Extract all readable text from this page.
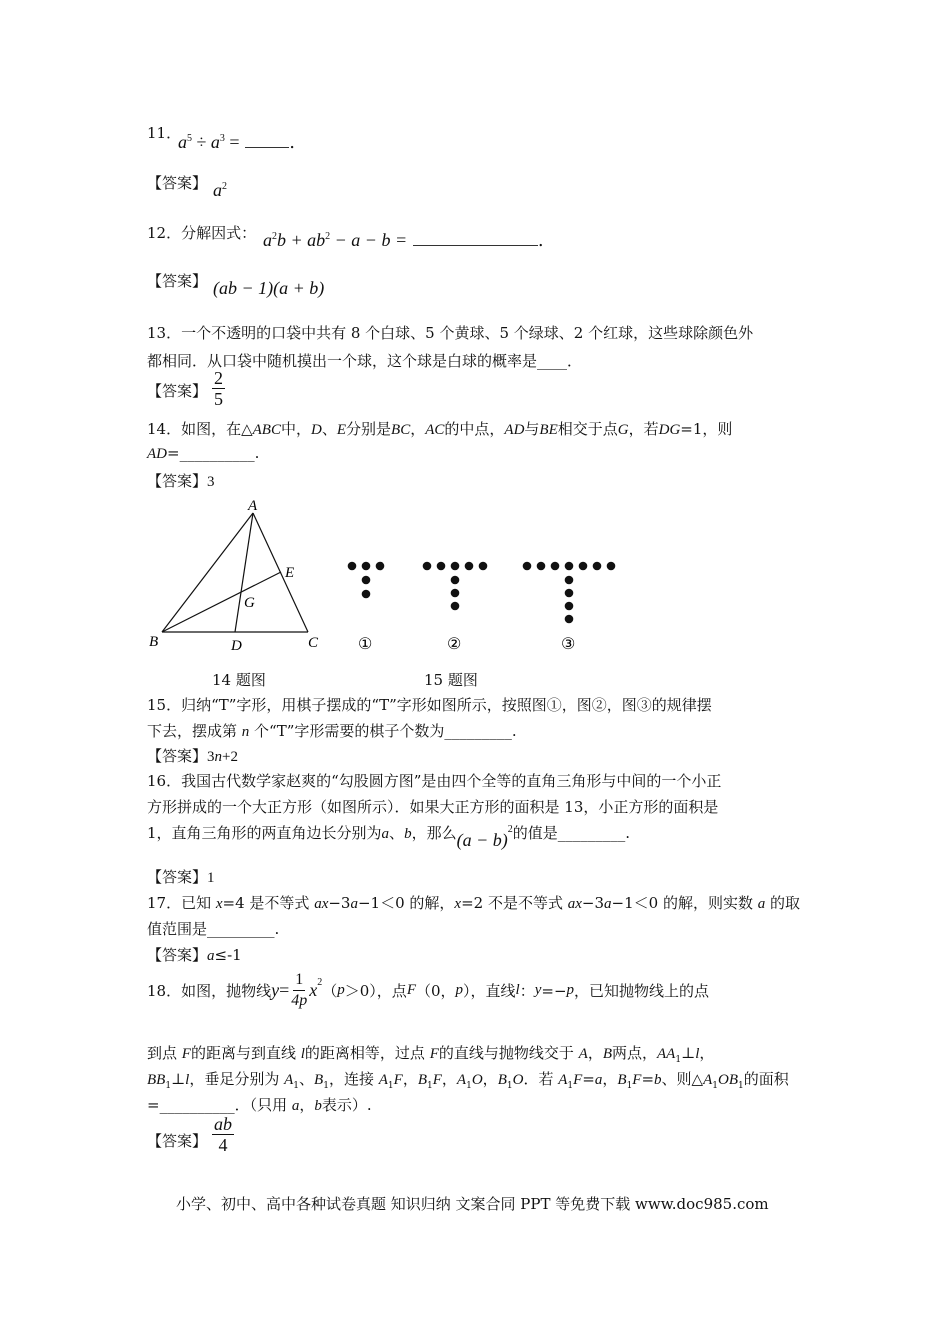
11．
$a^5 \div a^3$ =	.
【答案】 $a^2$
12．分解因式： $a^2b + ab^2 - a - b$ =	.
【答案】 (ab − 1)(a + b)
13．一个不透明的口袋中共有 8 个白球、5 个黄球、5 个绿球、2 个红球，这些球除颜色外
都相同．从口袋中随机摸出一个球，这个球是白球的概率是____．
【答案】 $\frac{2}{5}$
14．如图，在△ABC中，D、E分别是BC，AC的中点，AD与BE相交于点G，若DG=1，则
AD=__________.
【答案】3
A
B	C
D
E
G
14 题图
①	②	③
15 题图
15．归纳“T”字形，用棋子摆成的“T”字形如图所示，按照图①，图②，图③的规律摆
下去，摆成第 n 个“T”字形需要的棋子个数为_________.
【答案】3n+2
16．我国古代数学家赵爽的“勾股圆方图”是由四个全等的直角三角形与中间的一个小正
方形拼成的一个大正方形（如图所示）．如果大正方形的面积是 13，小正方形的面积是
1，直角三角形的两直角边长分别为a、b，那么$(a - b)^2$的值是_________.
【答案】1
17．已知 x=4 是不等式 ax−3a−1＜0 的解，x=2 不是不等式 ax−3a−1＜0 的解，则实数 a 的取
值范围是_________.
【答案】a≤-1
18．如图，抛物线 $y = \frac{1}{4p} x^2$ （ p ＞0），点 F （0， p ），直线 l ： y =− p ，已知抛物线上的点
到点 F的距离与到直线 l的距离相等，过点 F的直线与抛物线交于 A，B两点，$AA_1\perp l$，
$BB_1\perp l$，垂足分别为 $A_1$、$B_1$，连接 $A_1F$，$B_1F$，$A_1O$，$B_1O$．若 $A_1F=a$，$B_1F=b$、则$\triangle A_1OB_1$的面积
=__________．（只用 a，b表示）.
【答案】 $\frac{ab}{4}$
小学、初中、高中各种试卷真题 知识归纳 文案合同 PPT 等免费下载 www.doc985.com
